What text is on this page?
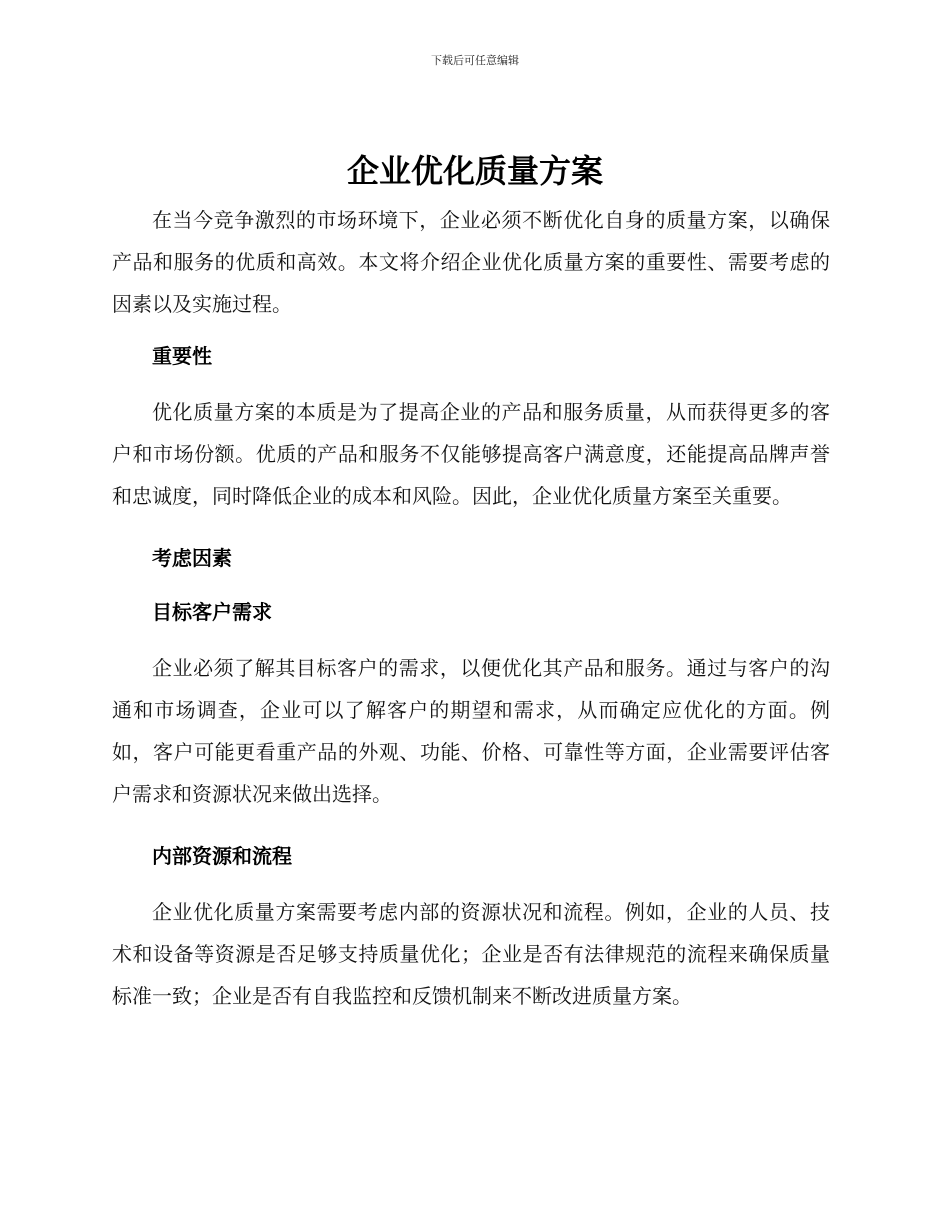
下载后可任意编辑
企业优化质量方案

在当今竞争激烈的市场环境下，企业必须不断优化自身的质量方案，以确保产品和服务的优质和高效。本文将介绍企业优化质量方案的重要性、需要考虑的因素以及实施过程。

重要性

优化质量方案的本质是为了提高企业的产品和服务质量，从而获得更多的客户和市场份额。优质的产品和服务不仅能够提高客户满意度，还能提高品牌声誉和忠诚度，同时降低企业的成本和风险。因此，企业优化质量方案至关重要。

考虑因素
目标客户需求

企业必须了解其目标客户的需求，以便优化其产品和服务。通过与客户的沟通和市场调查，企业可以了解客户的期望和需求，从而确定应优化的方面。例如，客户可能更看重产品的外观、功能、价格、可靠性等方面，企业需要评估客户需求和资源状况来做出选择。

内部资源和流程

企业优化质量方案需要考虑内部的资源状况和流程。例如，企业的人员、技术和设备等资源是否足够支持质量优化；企业是否有法律规范的流程来确保质量标准一致；企业是否有自我监控和反馈机制来不断改进质量方案。
